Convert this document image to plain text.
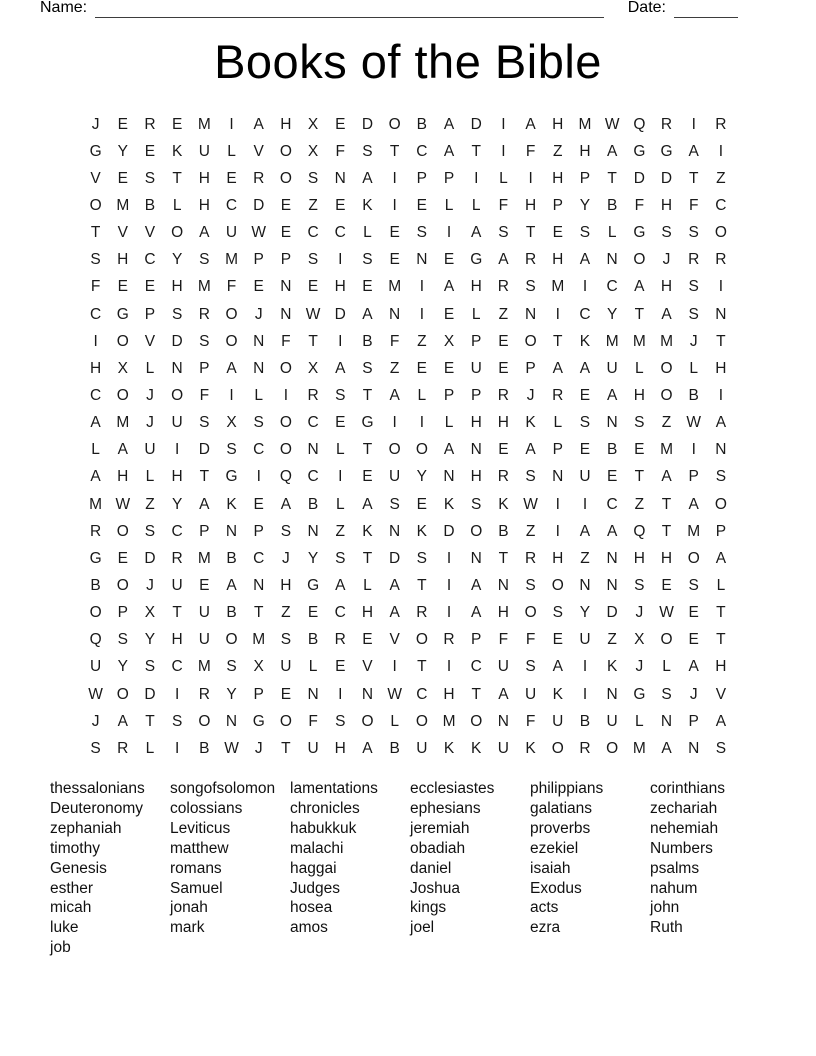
Name:	Date:
Books of the Bible
J	E	R	E	M	I	A	H	X	E	D	O	B	A	D	I	A	H M W Q	R	I	R
G	Y	E	K	U	L	V	O	X	F	S	T	C	A	T	I	F	Z	H	A	G G	A	I
V	E	S	T	H	E	R	O	S	N	A	I	P	P	I	L	I	H	P	T	D	D	T	Z
O M	B	L	H	C	D	E	Z	E	K	I	E	L	L	F	H	P	Y	B	F	H	F	C
T	V	V	O	A	U W E	C	C	L	E	S	I	A	S	T	E	S	L	G	S	S	O
S	H	C	Y	S	M	P	P	S	I	S	E	N	E	G	A	R	H	A	N	O	J	R	R
F	E	E	H M	F	E	N	E	H	E	M	I	A	H	R	S	M	I	C	A	H	S	I
C	G	P	S	R	O	J	N W D	A	N	I	E	L	Z	N	I	C	Y	T	A	S	N
I	O	V	D	S	O	N	F	T	I	B	F	Z	X	P	E	O	T	K	M M M	J	T
H	X	L	N	P	A	N	O	X	A	S	Z	E	E	U	E	P	A	A	U	L	O	L	H
C	O	J	O	F	I	L	I	R	S	T	A	L	P	P	R	J	R	E	A	H	O	B	I
A	M	J	U	S	X	S	O	C	E	G	I	I	L	H	H	K	L	S	N	S	Z W A
L	A	U	I	D	S	C	O	N	L	T	O O	A	N	E	A	P	E	B	E	M	I	N
A	H	L	H	T	G	I	Q	C	I	E	U	Y	N	H	R	S	N	U	E	T	A	P	S
M W Z	Y	A	K	E	A	B	L	A	S	E	K	S	K W	I	I	C	Z	T	A	O
R	O	S	C	P	N	P	S	N	Z	K	N	K	D	O	B	Z	I	A	A	Q	T	M	P
G	E	D	R M	B	C	J	Y	S	T	D	S	I	N	T	R	H	Z	N	H	H	O	A
B	O	J	U	E	A	N	H	G	A	L	A	T	I	A	N	S	O	N	N	S	E	S	L
O	P	X	T	U	B	T	Z	E	C	H	A	R	I	A	H	O	S	Y	D	J	W E	T
Q	S	Y	H	U	O M	S	B	R	E	V	O	R	P	F	F	E	U	Z	X	O	E	T
U	Y	S	C M	S	X	U	L	E	V	I	T	I	C	U	S	A	I	K	J	L	A	H
W O	D	I	R	Y	P	E	N	I	N W C	H	T	A	U	K	I	N	G	S	J	V
J	A	T	S	O	N	G O	F	S	O	L	O M O	N	F	U	B	U	L	N	P	A
S	R	L	I	B W	J	T	U	H	A	B	U	K	K	U	K	O	R	O M	A	N	S
thessalonians
Deuteronomy
zephaniah
timothy
Genesis
esther
micah
luke
job
songofsolomon
colossians
Leviticus
matthew
romans
Samuel
jonah
mark
lamentations
chronicles
habukkuk
malachi
haggai
Judges
hosea
amos
ecclesiastes
ephesians
jeremiah
obadiah
daniel
Joshua
kings
joel
philippians
galatians
proverbs
ezekiel
isaiah
Exodus
acts
ezra
corinthians
zechariah
nehemiah
Numbers
psalms
nahum
john
Ruth
